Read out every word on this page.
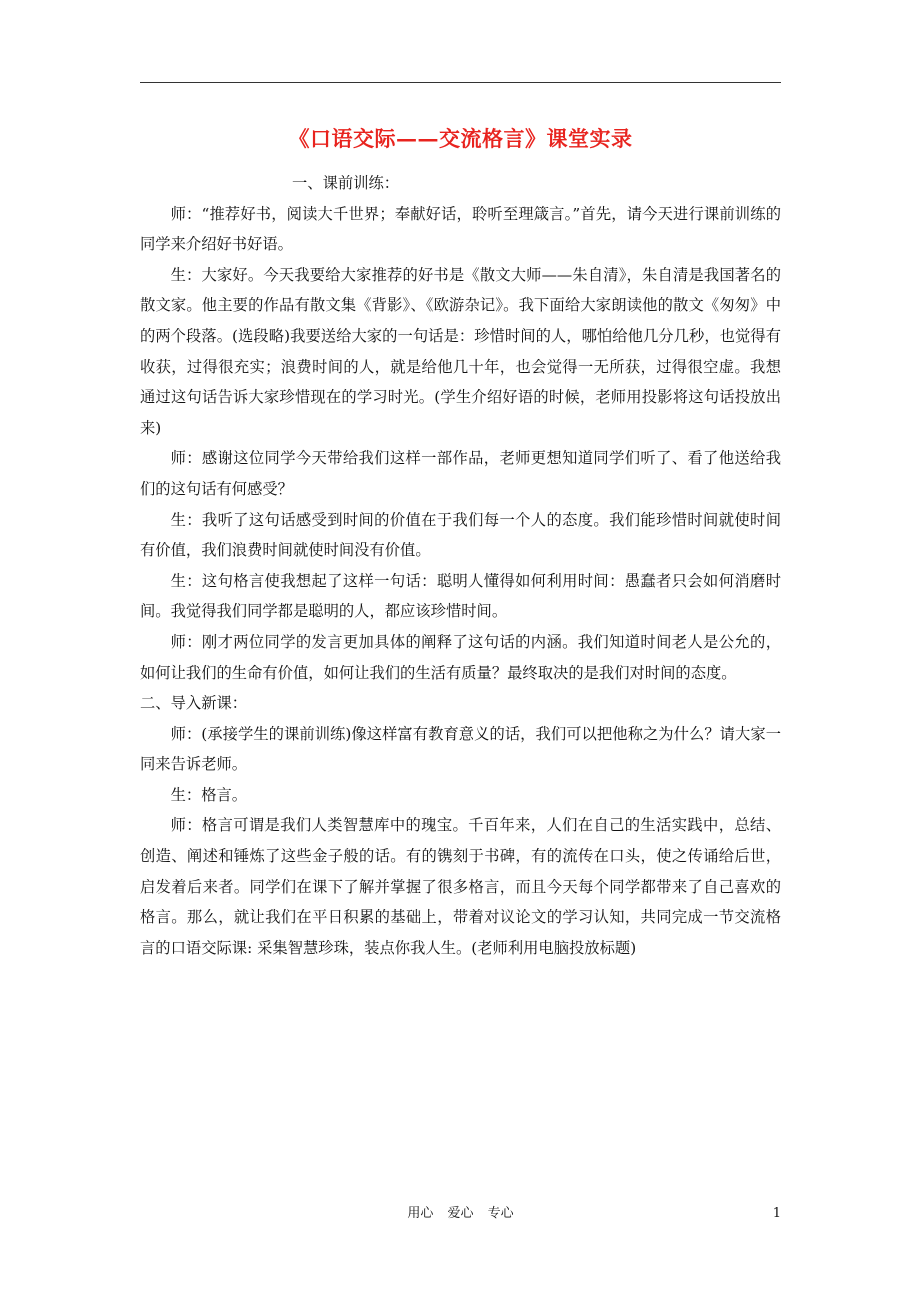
《口语交际——交流格言》课堂实录

一、课前训练：

师：“推荐好书，阅读大千世界；奉献好话，聆听至理箴言。”首先，请今天进行课前训练的同学来介绍好书好语。

生：大家好。今天我要给大家推荐的好书是《散文大师——朱自清》，朱自清是我国著名的散文家。他主要的作品有散文集《背影》、《欧游杂记》。我下面给大家朗读他的散文《匆匆》中的两个段落。(选段略)我要送给大家的一句话是：珍惜时间的人，哪怕给他几分几秒，也觉得有收获，过得很充实；浪费时间的人，就是给他几十年，也会觉得一无所获，过得很空虚。我想通过这句话告诉大家珍惜现在的学习时光。(学生介绍好语的时候，老师用投影将这句话投放出来)

师：感谢这位同学今天带给我们这样一部作品，老师更想知道同学们听了、看了他送给我们的这句话有何感受？

生：我听了这句话感受到时间的价值在于我们每一个人的态度。我们能珍惜时间就使时间有价值，我们浪费时间就使时间没有价值。

生：这句格言使我想起了这样一句话：聪明人懂得如何利用时间：愚蠢者只会如何消磨时间。我觉得我们同学都是聪明的人，都应该珍惜时间。

师：刚才两位同学的发言更加具体的阐释了这句话的内涵。我们知道时间老人是公允的，如何让我们的生命有价值，如何让我们的生活有质量？最终取决的是我们对时间的态度。

二、导入新课：

师：(承接学生的课前训练)像这样富有教育意义的话，我们可以把他称之为什么？请大家一同来告诉老师。

生：格言。

师：格言可谓是我们人类智慧库中的瑰宝。千百年来，人们在自己的生活实践中，总结、创造、阐述和锤炼了这些金子般的话。有的镌刻于书碑，有的流传在口头，使之传诵给后世，启发着后来者。同学们在课下了解并掌握了很多格言，而且今天每个同学都带来了自己喜欢的格言。那么，就让我们在平日积累的基础上，带着对议论文的学习认知，共同完成一节交流格言的口语交际课: 采集智慧珍珠，装点你我人生。(老师利用电脑投放标题)

用心 爱心 专心	1
